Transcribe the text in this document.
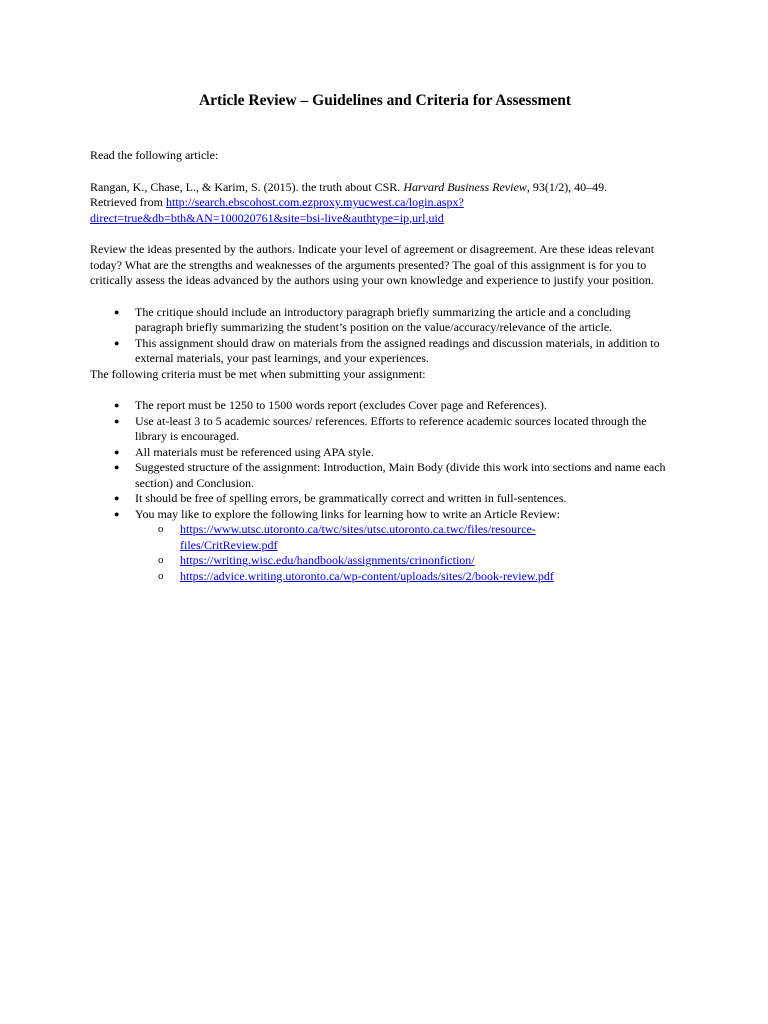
Article Review – Guidelines and Criteria for Assessment

Read the following article:

Rangan, K., Chase, L., & Karim, S. (2015). the truth about CSR. Harvard Business Review, 93(1/2), 40–49.
Retrieved from http://search.ebscohost.com.ezproxy.myucwest.ca/login.aspx?
direct=true&db=bth&AN=100020761&site=bsi-live&authtype=ip,url,uid

Review the ideas presented by the authors. Indicate your level of agreement or disagreement. Are these ideas relevant today? What are the strengths and weaknesses of the arguments presented? The goal of this assignment is for you to critically assess the ideas advanced by the authors using your own knowledge and experience to justify your position.

● The critique should include an introductory paragraph briefly summarizing the article and a concluding paragraph briefly summarizing the student’s position on the value/accuracy/relevance of the article.
● This assignment should draw on materials from the assigned readings and discussion materials, in addition to external materials, your past learnings, and your experiences.

The following criteria must be met when submitting your assignment:

● The report must be 1250 to 1500 words report (excludes Cover page and References).
● Use at-least 3 to 5 academic sources/ references. Efforts to reference academic sources located through the library is encouraged.
● All materials must be referenced using APA style.
● Suggested structure of the assignment: Introduction, Main Body (divide this work into sections and name each section) and Conclusion.
● It should be free of spelling errors, be grammatically correct and written in full-sentences.
● You may like to explore the following links for learning how to write an Article Review:
o https://www.utsc.utoronto.ca/twc/sites/utsc.utoronto.ca.twc/files/resource-
files/CritReview.pdf
o https://writing.wisc.edu/handbook/assignments/crinonfiction/
o https://advice.writing.utoronto.ca/wp-content/uploads/sites/2/book-review.pdf
